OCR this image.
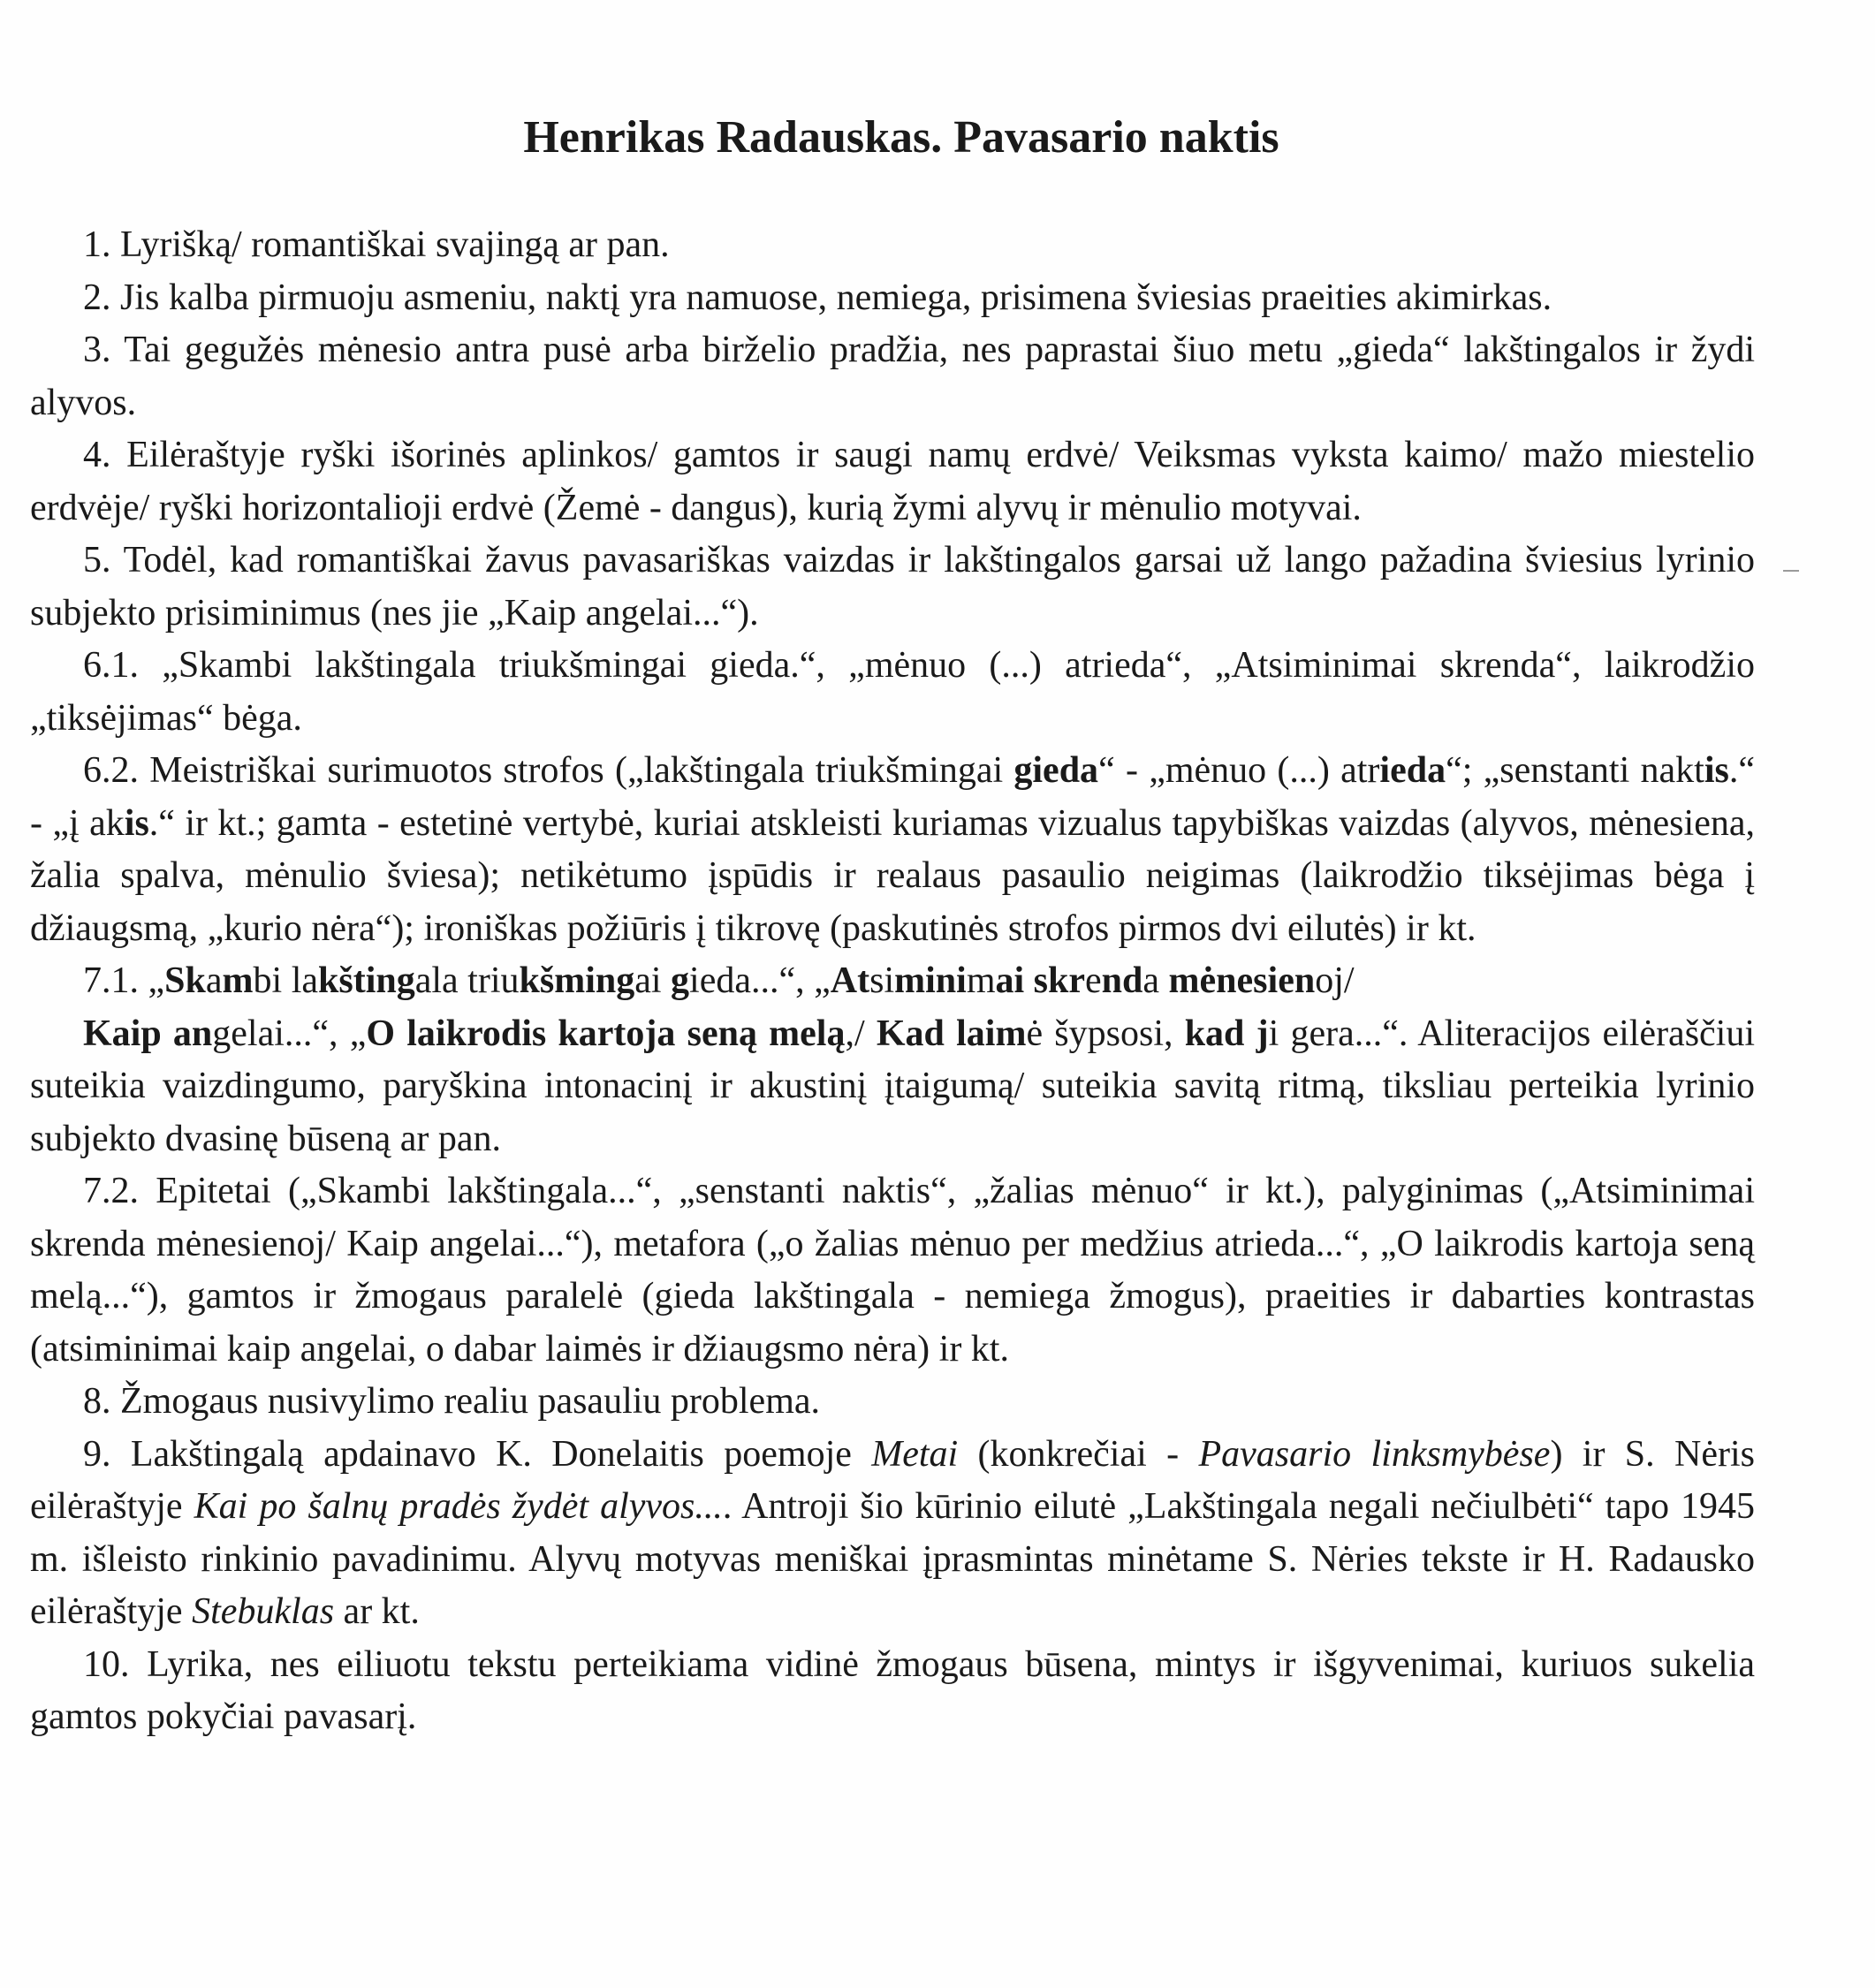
Henrikas Radauskas. Pavasario naktis

1. Lyrišką/ romantiškai svajingą ar pan.

2. Jis kalba pirmuoju asmeniu, naktį yra namuose, nemiega, prisimena šviesias praeities akimirkas.

3. Tai gegužės mėnesio antra pusė arba birželio pradžia, nes paprastai šiuo metu „gieda“ lakštingalos ir žydi alyvos.

4. Eilėraštyje ryški išorinės aplinkos/ gamtos ir saugi namų erdvė/ Veiksmas vyksta kaimo/ mažo miestelio erdvėje/ ryški horizontalioji erdvė (Žemė - dangus), kurią žymi alyvų ir mėnulio motyvai.

5. Todėl, kad romantiškai žavus pavasariškas vaizdas ir lakštingalos garsai už lango pažadina šviesius lyrinio subjekto prisiminimus (nes jie „Kaip angelai...“).

6.1. „Skambi lakštingala triukšmingai gieda.“, „mėnuo (...) atrieda“, „Atsiminimai skrenda“, laikrodžio „tiksėjimas“ bėga.

6.2. Meistriškai surimuotos strofos („lakštingala triukšmingai gieda“ - „mėnuo (...) atrieda“; „senstanti naktis.“ - „į akis.“ ir kt.; gamta - estetinė vertybė, kuriai atskleisti kuriamas vizualus tapybiškas vaizdas (alyvos, mėnesiena, žalia spalva, mėnulio šviesa); netikėtumo įspūdis ir realaus pasaulio neigimas (laikrodžio tiksėjimas bėga į džiaugsmą, „kurio nėra“); ironiškas požiūris į tikrovę (paskutinės strofos pirmos dvi eilutės) ir kt.

7.1. „Skambi lakštingala triukšmingai gieda...“, „Atsiminimai skrenda mėnesienoj/

Kaip angelai...“, „O laikrodis kartoja seną melą,/ Kad laimė šypsosi, kad ji gera...“. Aliteracijos eilėraščiui suteikia vaizdingumo, paryškina intonacinį ir akustinį įtaigumą/ suteikia savitą ritmą, tiksliau perteikia lyrinio subjekto dvasinę būseną ar pan.

7.2. Epitetai („Skambi lakštingala...“, „senstanti naktis“, „žalias mėnuo“ ir kt.), palyginimas („Atsiminimai skrenda mėnesienoj/ Kaip angelai...“), metafora („o žalias mėnuo per medžius atrieda...“, „O laikrodis kartoja seną melą...“), gamtos ir žmogaus paralelė (gieda lakštingala - nemiega žmogus), praeities ir dabarties kontrastas (atsiminimai kaip angelai, o dabar laimės ir džiaugsmo nėra) ir kt.

8. Žmogaus nusivylimo realiu pasauliu problema.

9. Lakštingalą apdainavo K. Donelaitis poemoje Metai (konkrečiai - Pavasario linksmybėse) ir S. Nėris eilėraštyje Kai po šalnų pradės žydėt alyvos.... Antroji šio kūrinio eilutė „Lakštingala negali nečiulbėti“ tapo 1945 m. išleisto rinkinio pavadinimu. Alyvų motyvas meniškai įprasmintas minėtame S. Nėries tekste ir H. Radausko eilėraštyje Stebuklas ar kt.

10. Lyrika, nes eiliuotu tekstu perteikiama vidinė žmogaus būsena, mintys ir išgyvenimai, kuriuos sukelia gamtos pokyčiai pavasarį.
